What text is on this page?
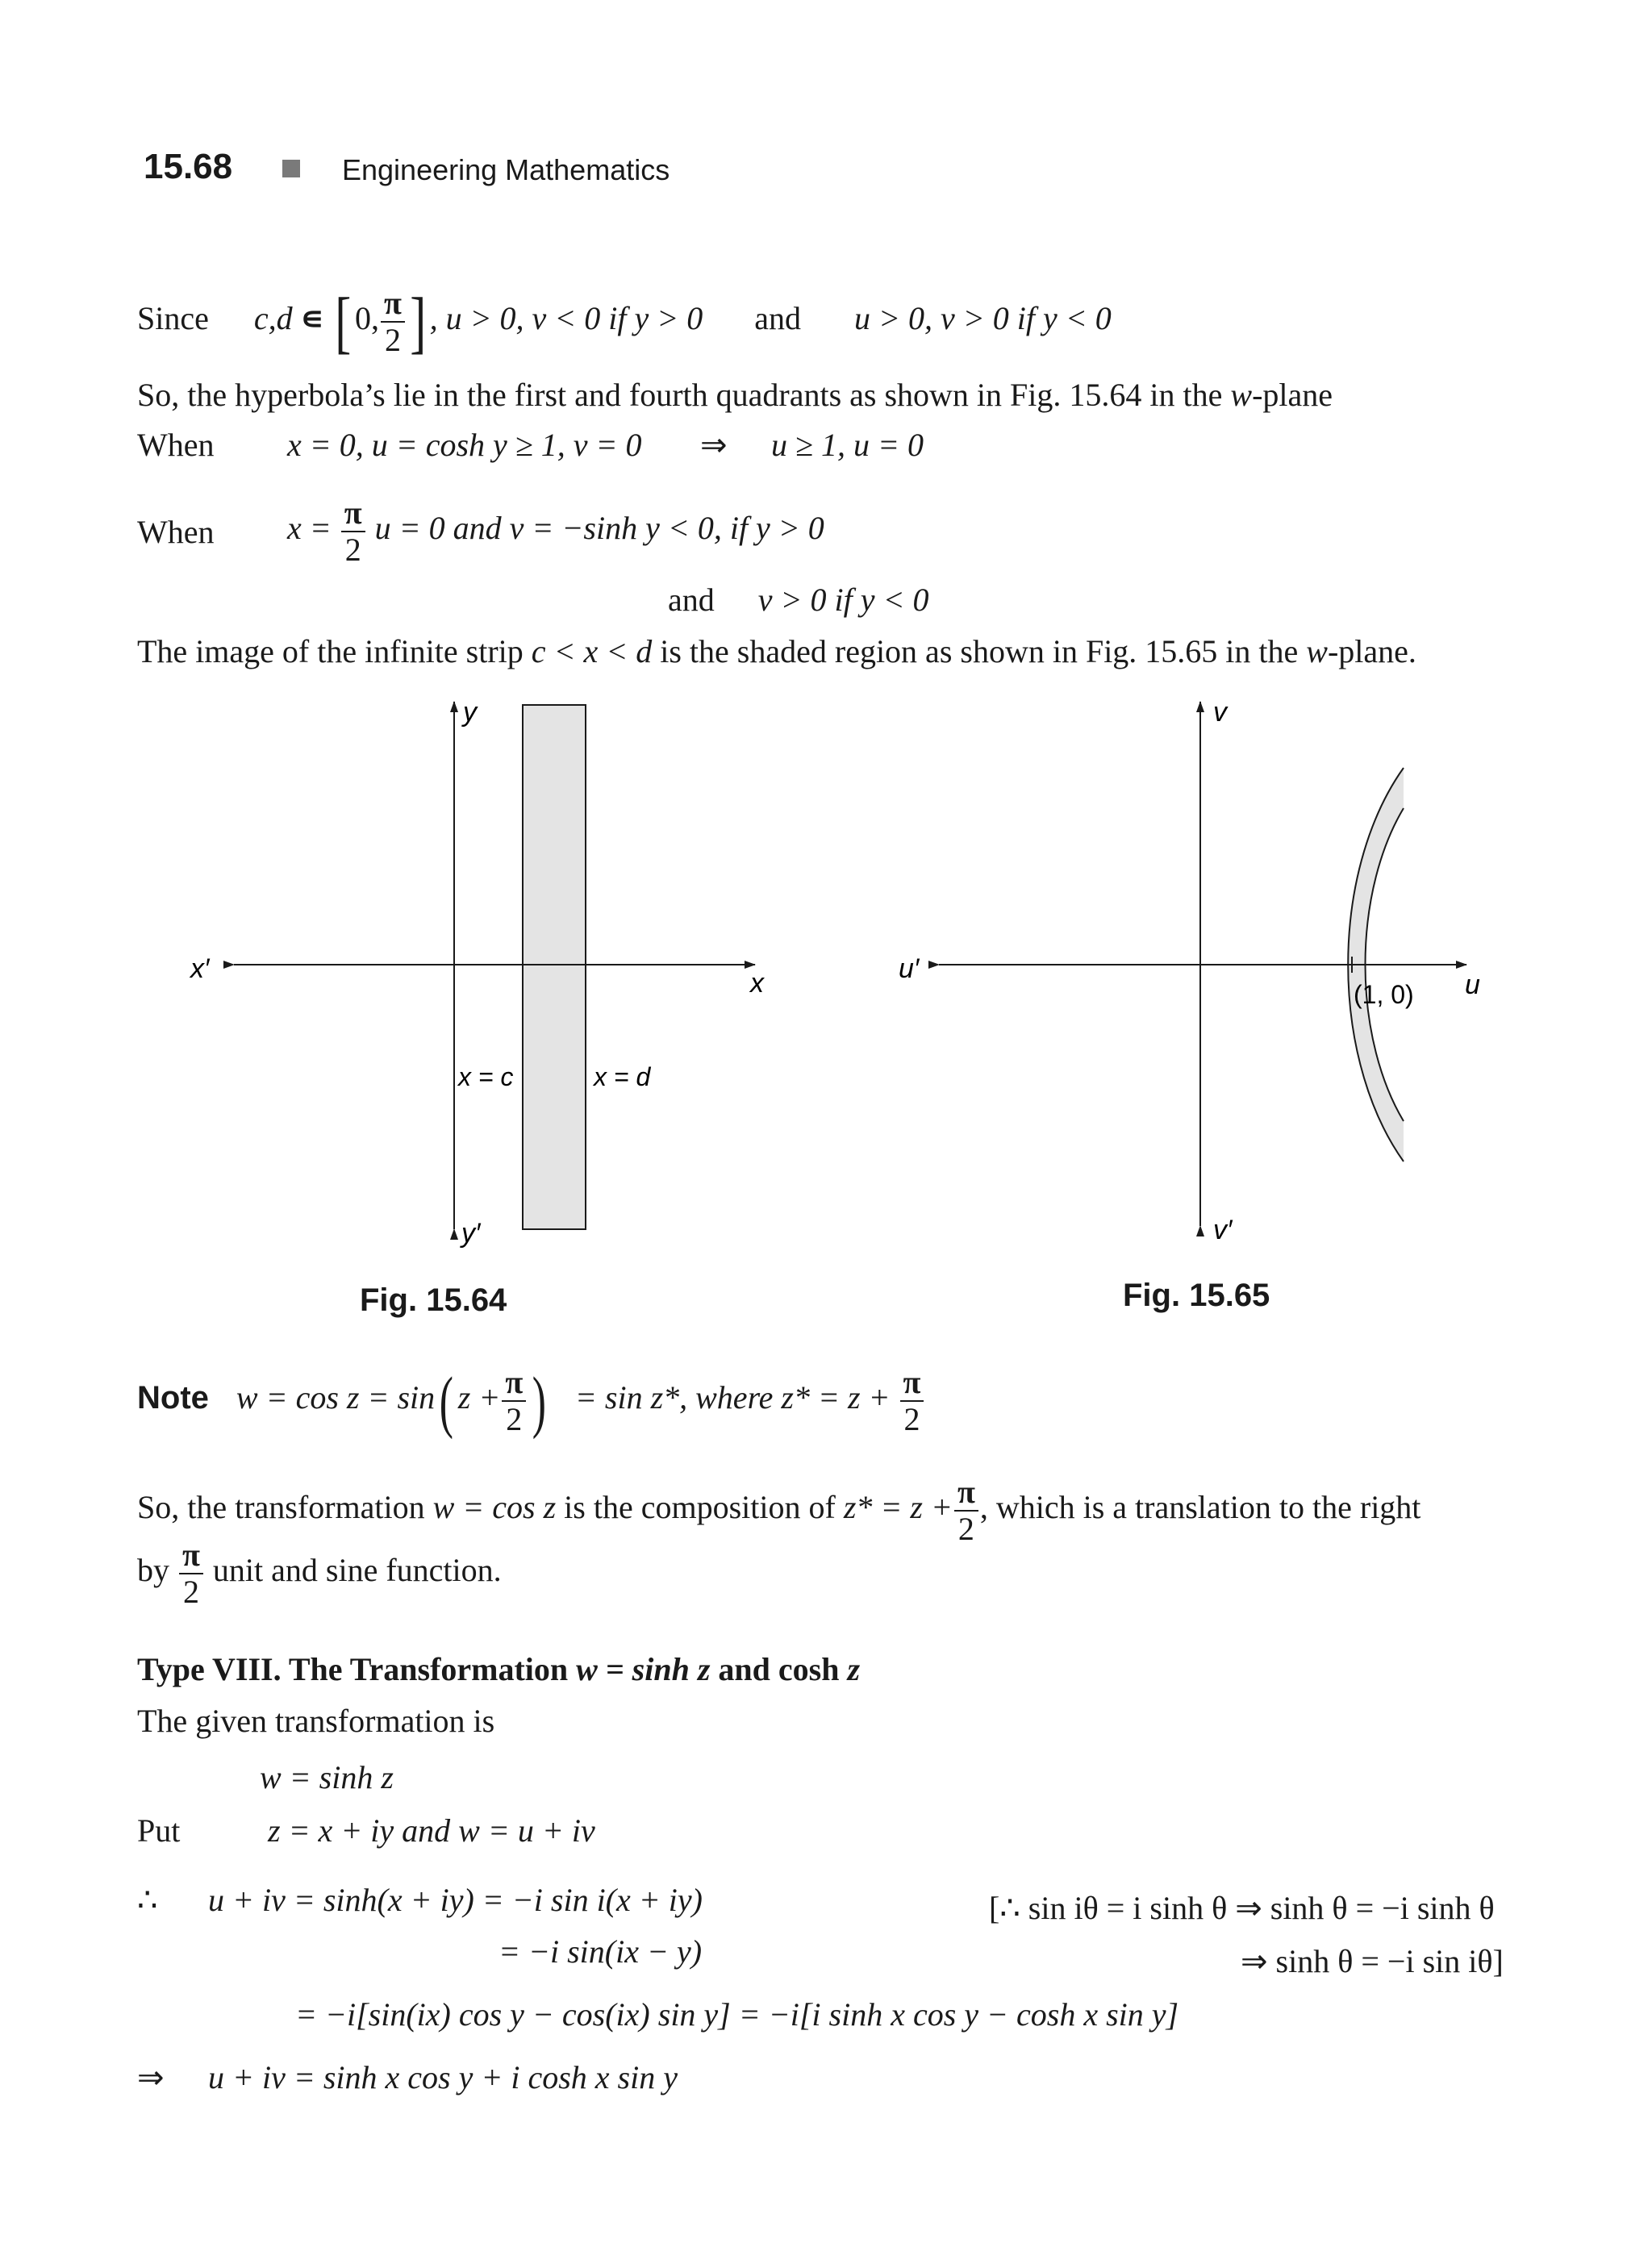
15.68	Engineering Mathematics
Since c,d ∊ [ 0, $\frac{\pi}{2}$ ] , u > 0, v < 0 if y > 0 and u > 0, v > 0 if y < 0
So, the hyperbola’s lie in the first and fourth quadrants as shown in Fig. 15.64 in the w-plane
When x = 0, u = cosh y ≥ 1, v = 0 ⇒ u ≥ 1, u = 0
When $x = \frac{\pi}{2}$ u = 0 and v = −sinh y < 0, if y > 0
and v > 0 if y < 0
The image of the infinite strip c < x < d is the shaded region as shown in Fig. 15.65 in the w-plane.
y
y′
x
x′
x = c	x = d
v
v′
u
u′
(1, 0)
Fig. 15.64	Fig. 15.65
Note w = cos z = sin( $z + \frac{\pi}{2}$ ) = sin z*, where $z* = z + \frac{\pi}{2}$
So, the transformation w = cos z is the composition of $z* = z + \frac{\pi}{2}$ , which is a translation to the right
by $\frac{\pi}{2}$ unit and sine function.
Type VIII. The Transformation w = sinh z and cosh z
The given transformation is
w = sinh z
Put	z = x + iy and w = u + iv
∴ u + iv = sinh(x + iy) = −i sin i(x + iy)
= −i sin(ix − y)
[∴ sin iθ = i sinh θ ⇒ sinh θ = −i sinh θ
⇒ sinh θ = −i sin iθ]
= −i[sin(ix) cos y − cos(ix) sin y] = −i[i sinh x cos y − cosh x sin y]
⇒ u + iv = sinh x cos y + i cosh x sin y
